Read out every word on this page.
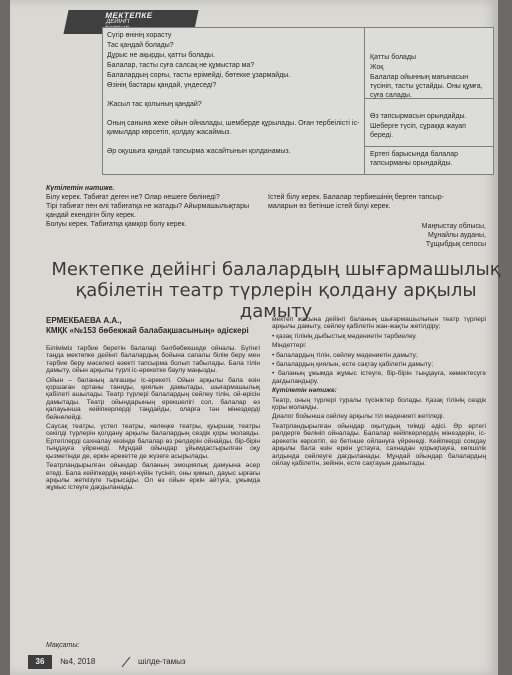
МЕКТЕПКЕ
ДЕЙІНГІ
Сүгір өнінің хорасту
Тас қандай болады?
Дұрыс не ақырды, қатты болады.
Балалар, тасты суға салсақ не құмыстар ма?
Балалардың сорғы, тасты ерімейді, бөтекке ұзармайды.
Өзінің бастары қандай, үндеседі?
Жасыл тас қолының қандай?
Оның санына жеке ойын ойналады, шемберде құрылады. Оған тербеілісті іс-қимылдар көрсетіп, қолдау жасаймыз.
Әр оқушыға қандай тапсырма жасайтынын қолданамыз.
Қатты болады
Жоқ
Балалар ойынның мағынасын түсініп, тасты ұстайды. Оны құмға, суға салады.
Өз тапсырмасын орындайды.
Шеберге түсіп, сұраққа жауап береді.
Ертегі барысында балалар тапсырманы орындайды.

Күтілетін нәтиже.

Білу керек. Табиғат деген не? Олар нешеге бөлінеді?

Тірі табиғат пен өлі табиғатқа не жатады? Айырмашылықтары

қандай екендігін білу керек.

Болуы керек. Табиғатқа қамқор болу керек.

Істей білу керек. Балалар тербиешінің берген тапсыр-

маларын өз бетінше істей білуі керек.

Маңғыстау облысы,
Мұнайлы ауданы,
Тұщыбдық селосы
Мектепке дейінгі балалардың шығармашылық қабілетін театр түрлерін қолдану арқылы дамыту
ЕРМЕКБАЕВА А.А.,
КМҚК «№153 бөбекжай балабақшасының» әдіскері

Біліміміз тәрбие беретін балалар бәлбөбекшеде ойналы. Бүгінгі таңда мектепке дейінгі балалардың бойына сапалы білім беру мен тәрбие беру мәселесі өзекті тапсырма болып табылады. Бала тілін дамыту, ойын арқылы түрлі іс-әрекетке баулу маңызды.

Ойын – баланың алғашқы іс-әрекеті. Ойын арқылы бала өзін қоршаған ортаны таниды, қиялын дамытады, шығармашылық қабілеті ашылады. Театр түрлері балалардың сөйлеу тілін, ой-өрісін дамытады. Театр ойындарының ерекшелігі сол, балалар өз қалауынша кейіпкерлерді таңдайды, оларға тән мінездерді бейнелейді.

Саусақ театры, үстел театры, көлеңке театры, қуыршақ театры секілді түрлерін қолдану арқылы балалардың сөздік қоры молаяды. Ертегілерді сахналау кезінде балалар өз рөлдерін ойнайды, бір-бірін тыңдауға үйренеді. Мұндай ойындар ұйымдастырылған оқу қызметінде де, еркін әрекетте де жүзеге асырылады.

Театрландырылған ойындар баланың эмоциялық дамуына әсер етеді. Бала кейіпкердің көңіл-күйін түсініп, оны қимыл, дауыс ырғағы арқылы жеткізуге тырысады. Ол өз ойын еркін айтуға, ұжымда жұмыс істеуге дағдыланады.

мектеп жасына дейінгі баланың шығармашылығын театр түрлері арқылы дамыту, сөйлеу қабілетін жан-жақты жетілдіру;

• қазақ тілінің дыбыстық мәдениетін тәрбиелеу.

Міндеттері:

• балалардың тілін, сөйлеу мәдениетін дамыту;

• балалардың қиялын, есте сақтау қабілетін дамыту;

• баланың ұжымда жұмыс істеуге, бір-бірін тыңдауға, көмектесуге дағдыландыру.

Күтілетін нәтиже:

Театр, оның түрлері туралы түсініктер болады. Қазақ тілінің сөздік қоры молаяды.

Диалог бойынша сөйлеу арқылы тіл мәдениеті жетіледі.

Театрландырылған ойындар оқытудың тиімді әдісі. Әр ертегі рөлдерге бөлініп ойналады. Балалар кейіпкерлердің мінездерін, іс-әрекетін көрсетіп, өз бетінше ойлануға үйренеді. Кейіпкерді сомдау арқылы бала өзін еркін ұстауға, сахнадан қорықпауға, көпшілік алдында сөйлеуге дағдыланады. Мұндай ойындар балалардың ойлау қабілетін, зейінін, есте сақтауын дамытады.

Мақсаты:
36	№4, 2018	шілде-тамыз
